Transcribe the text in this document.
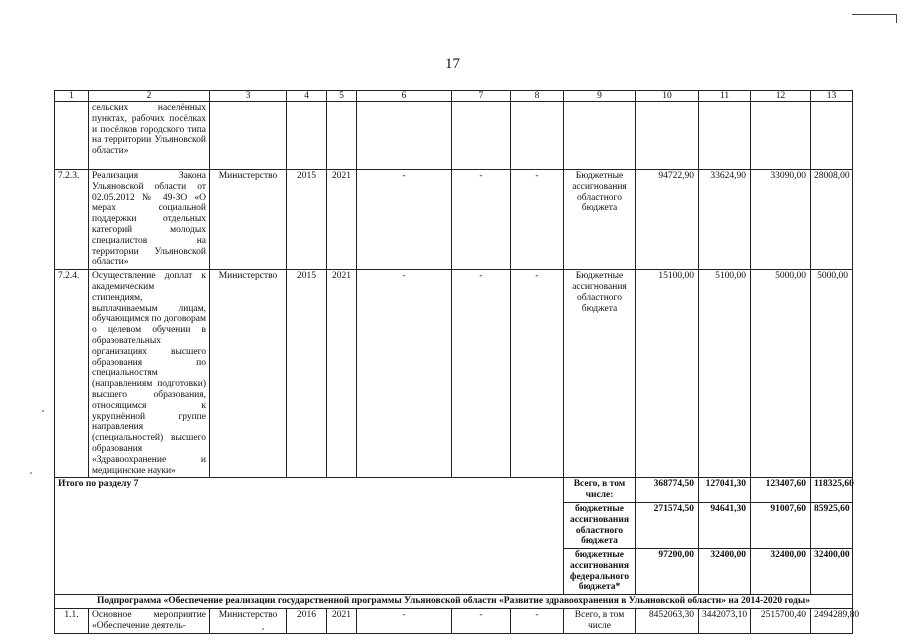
17
1	2	3	4	5	6	7	8	9	10	11	12	13
	сельских населённых пунктах, рабочих посёлках и посёлков городского типа на территории Ульяновской области»											
7.2.3.	Реализация Закона Ульяновской области от 02.05.2012 № 49-ЗО «О мерах социальной поддержки отдельных категорий молодых специалистов на территории Ульяновской области»	Министерство	2015	2021	-	-	-	Бюджетные ассигнования областного бюджета	94722,90	33624,90	33090,00	28008,00
7.2.4.	Осуществление доплат к академическим стипендиям, выплачиваемым лицам, обучающимся по договорам о целевом обучении в образовательных организациях высшего образования по специальностям (направлениям подготовки) высшего образования, относящимся к укрупнённой группе направления (специальностей) высшего образования «Здравоохранение и медицинские науки»	Министерство	2015	2021	-	-	-	Бюджетные ассигнования областного бюджета	15100,00	5100,00	5000,00	5000,00
Итого по разделу 7								Всего, в том числе:	368774,50	127041,30	123407,60	118325,60
								бюджетные ассигнования областного бюджета	271574,50	94641,30	91007,60	85925,60
								бюджетные ассигнования федерального бюджета*	97200,00	32400,00	32400,00	32400,00
Подпрограмма «Обеспечение реализации государственной программы Ульяновской области «Развитие здравоохранения в Ульяновской области» на 2014-2020 годы»												
1.1.	Основное мероприятие «Обеспечение деятель-	Министерство	2016	2021	-	-	-	Всего, в том числе	8452063,30	3442073,10	2515700,40	2494289,80
